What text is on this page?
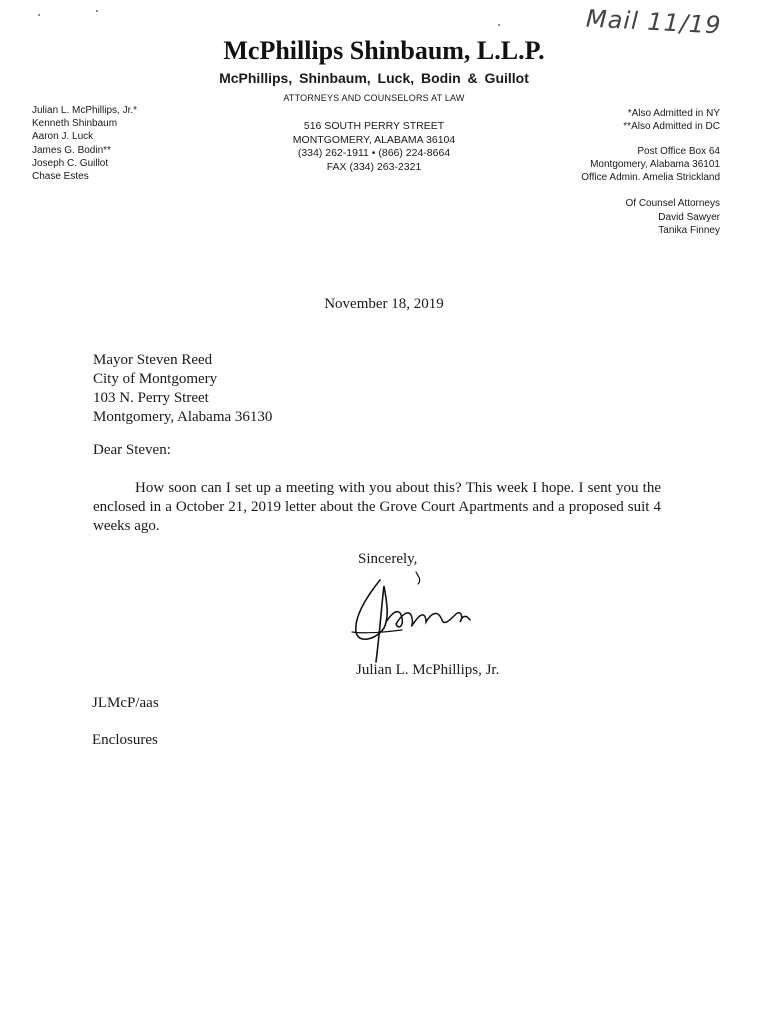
Mail 11/19
McPhillips Shinbaum, L.L.P.
McPhillips, Shinbaum, Luck, Bodin & Guillot
ATTORNEYS AND COUNSELORS AT LAW
516 SOUTH PERRY STREET
MONTGOMERY, ALABAMA 36104
(334) 262-1911 • (866) 224-8664
FAX (334) 263-2321
Julian L. McPhillips, Jr.*
Kenneth Shinbaum
Aaron J. Luck
James G. Bodin**
Joseph C. Guillot
Chase Estes
*Also Admitted in NY
**Also Admitted in DC
Post Office Box 64
Montgomery, Alabama 36101
Office Admin. Amelia Strickland
Of Counsel Attorneys
David Sawyer
Tanika Finney
November 18, 2019
Mayor Steven Reed
City of Montgomery
103 N. Perry Street
Montgomery, Alabama 36130
Dear Steven:
How soon can I set up a meeting with you about this? This week I hope. I sent you the enclosed in a October 21, 2019 letter about the Grove Court Apartments and a proposed suit 4 weeks ago.
Sincerely,
Julian L. McPhillips, Jr.
JLMcP/aas
Enclosures
